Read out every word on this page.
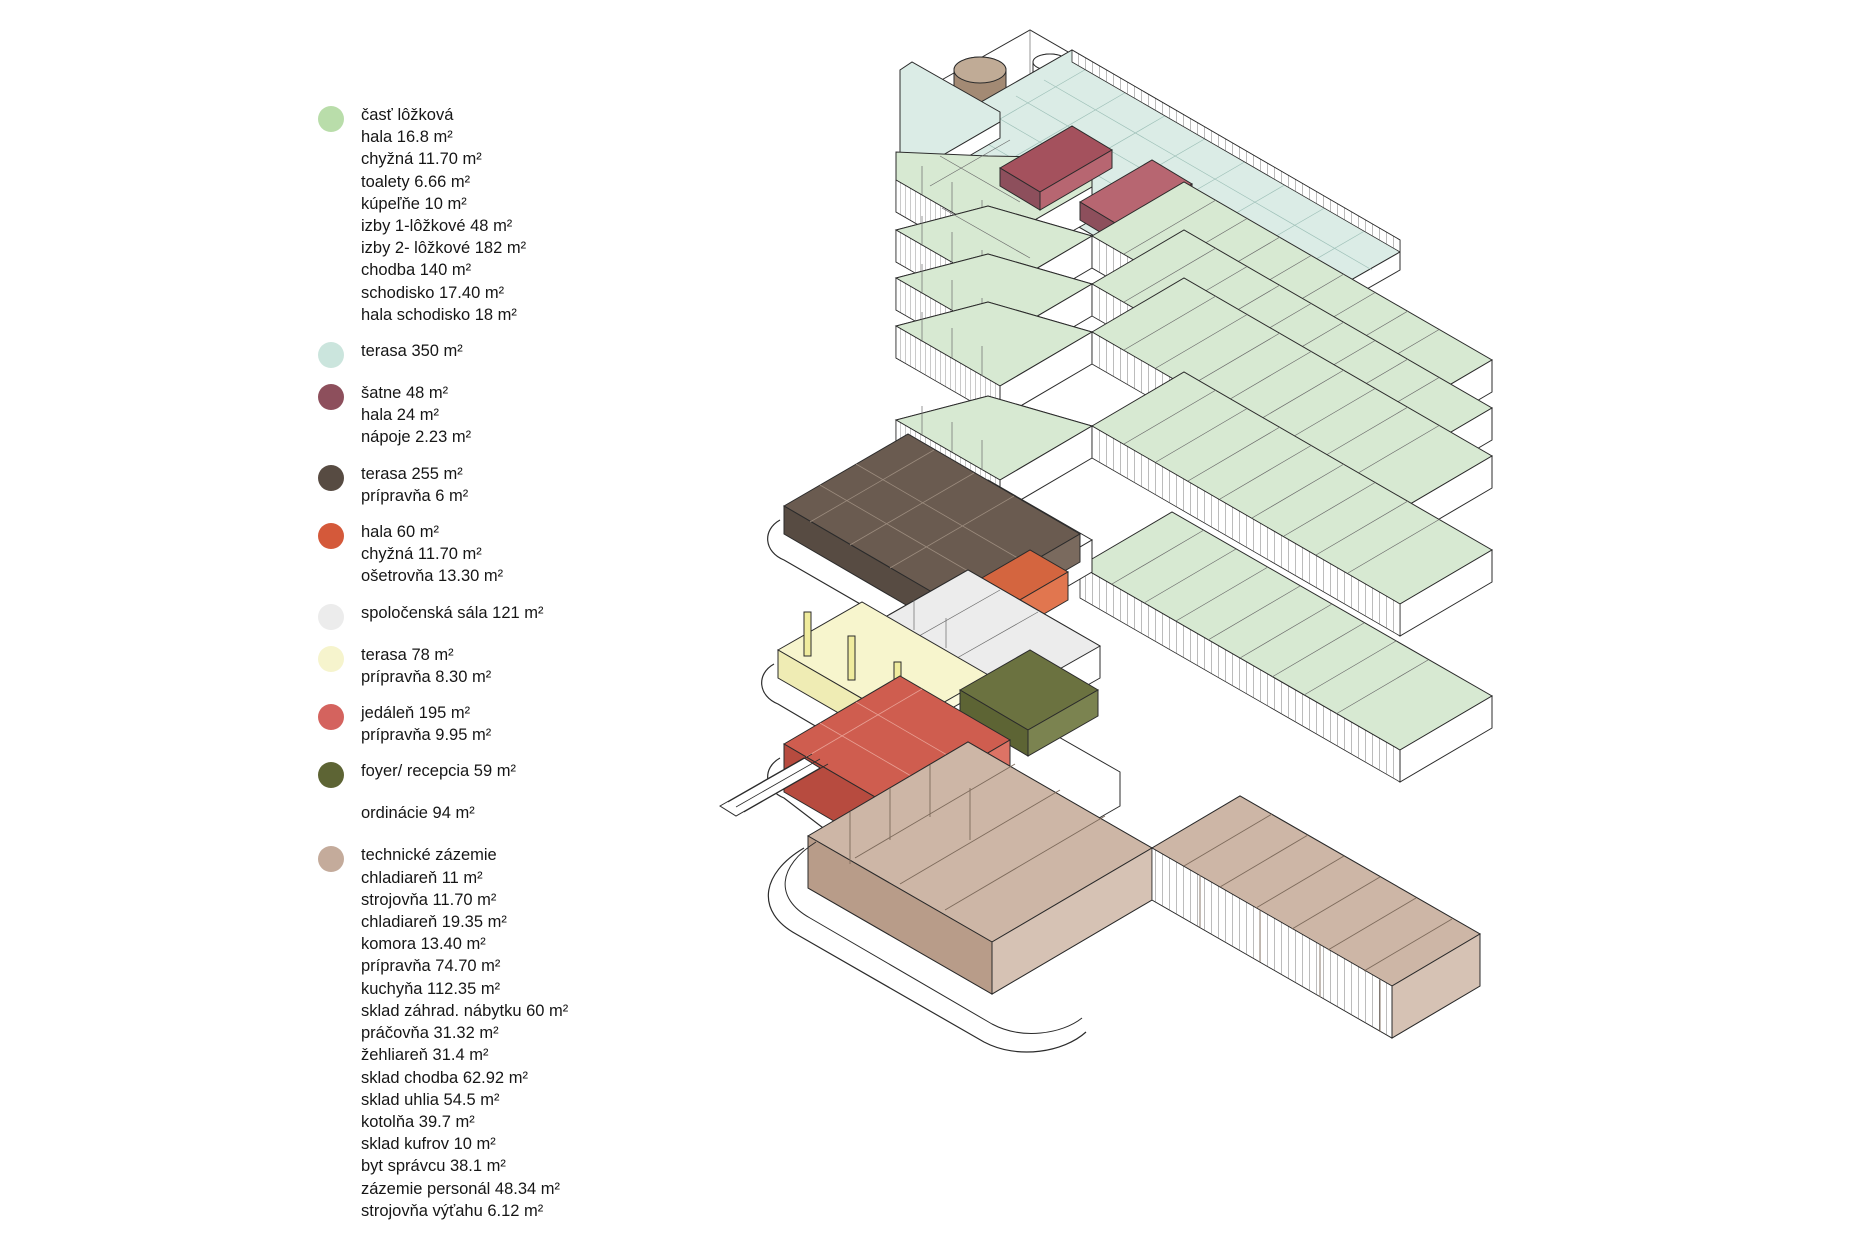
časť lôžková
hala 16.8 m²
chyžná 11.70 m²
toalety 6.66 m²
kúpeľňe 10 m²
izby 1-lôžkové 48 m²
izby 2- lôžkové 182 m²
chodba 140 m²
schodisko 17.40 m²
hala schodisko 18 m²
terasa 350 m²
šatne 48 m²
hala 24 m²
nápoje 2.23 m²
terasa 255 m²
prípravňa 6 m²
hala 60 m²
chyžná 11.70 m²
ošetrovňa 13.30 m²
spoločenská sála 121 m²
terasa 78 m²
prípravňa 8.30 m²
jedáleň 195 m²
prípravňa 9.95 m²
foyer/ recepcia 59 m²
ordinácie 94 m²
technické zázemie
chladiareň 11 m²
strojovňa 11.70 m²
chladiareň 19.35 m²
komora 13.40 m²
prípravňa 74.70 m²
kuchyňa 112.35 m²
sklad záhrad. nábytku 60 m²
práčovňa 31.32 m²
žehliareň 31.4 m²
sklad chodba 62.92 m²
sklad uhlia 54.5 m²
kotolňa 39.7 m²
sklad kufrov 10 m²
byt správcu 38.1 m²
zázemie personál 48.34 m²
strojovňa výťahu 6.12 m²
